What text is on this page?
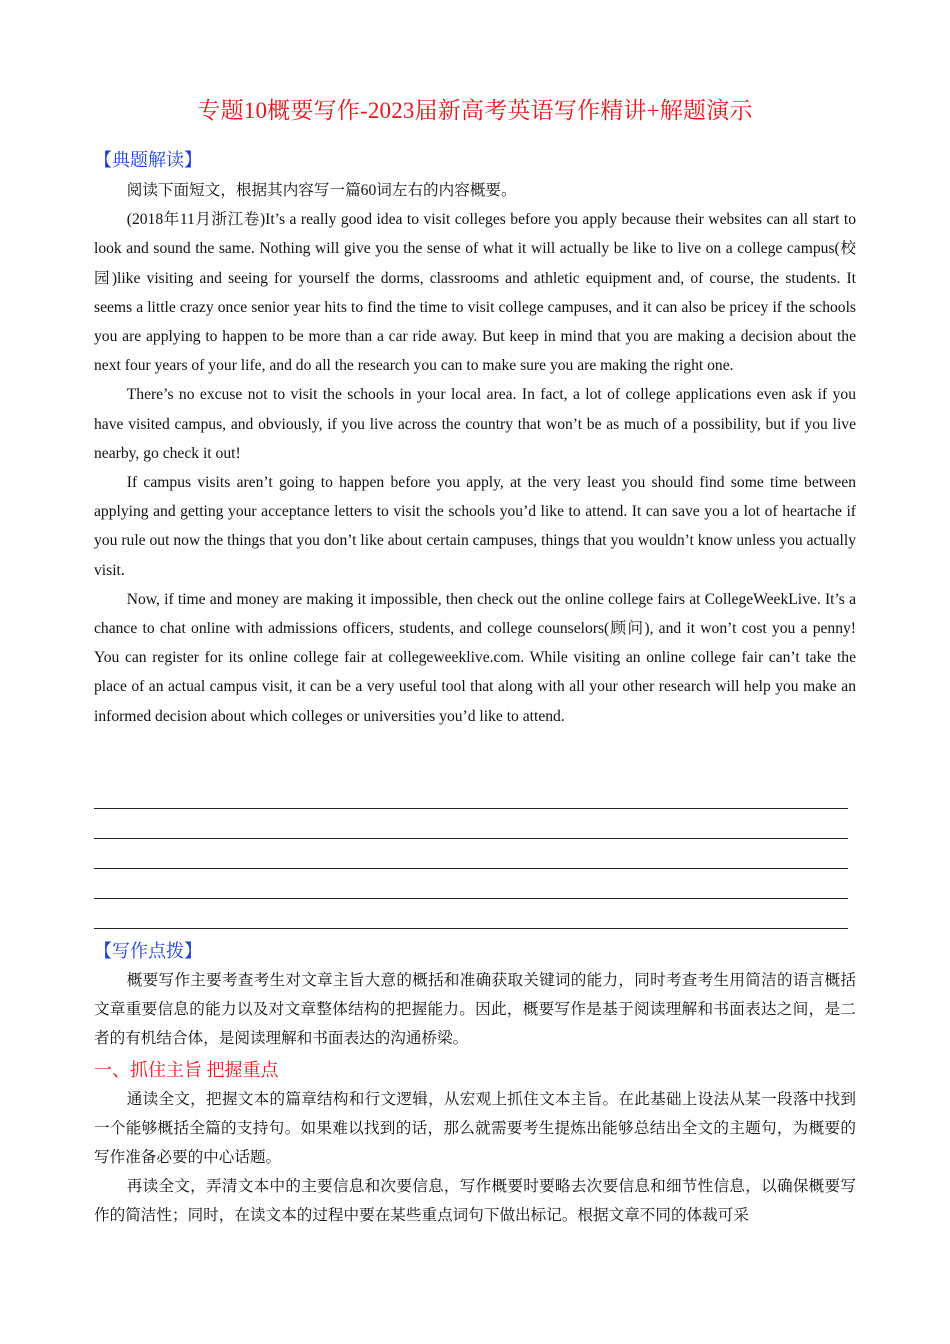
专题10概要写作-2023届新高考英语写作精讲+解题演示
【典题解读】
阅读下面短文，根据其内容写一篇60词左右的内容概要。
(2018年11月浙江卷)It’s a really good idea to visit colleges before you apply because their websites can all start to look and sound the same. Nothing will give you the sense of what it will actually be like to live on a college campus(校园)like visiting and seeing for yourself the dorms, classrooms and athletic equipment and, of course, the students. It seems a little crazy once senior year hits to find the time to visit college campuses, and it can also be pricey if the schools you are applying to happen to be more than a car ride away. But keep in mind that you are making a decision about the next four years of your life, and do all the research you can to make sure you are making the right one.
There’s no excuse not to visit the schools in your local area. In fact, a lot of college applications even ask if you have visited campus, and obviously, if you live across the country that won’t be as much of a possibility, but if you live nearby, go check it out!
If campus visits aren’t going to happen before you apply, at the very least you should find some time between applying and getting your acceptance letters to visit the schools you’d like to attend. It can save you a lot of heartache if you rule out now the things that you don’t like about certain campuses, things that you wouldn’t know unless you actually visit.
Now, if time and money are making it impossible, then check out the online college fairs at CollegeWeekLive. It’s a chance to chat online with admissions officers, students, and college counselors(顾问), and it won’t cost you a penny! You can register for its online college fair at collegeweeklive.com. While visiting an online college fair can’t take the place of an actual campus visit, it can be a very useful tool that along with all your other research will help you make an informed decision about which colleges or universities you’d like to attend.
【写作点拨】
概要写作主要考查考生对文章主旨大意的概括和准确获取关键词的能力，同时考查考生用简洁的语言概括文章重要信息的能力以及对文章整体结构的把握能力。因此，概要写作是基于阅读理解和书面表达之间，是二者的有机结合体，是阅读理解和书面表达的沟通桥梁。
一、抓住主旨 把握重点
通读全文，把握文本的篇章结构和行文逻辑，从宏观上抓住文本主旨。在此基础上设法从某一段落中找到一个能够概括全篇的支持句。如果难以找到的话，那么就需要考生提炼出能够总结出全文的主题句，为概要的写作准备必要的中心话题。
再读全文，弄清文本中的主要信息和次要信息，写作概要时要略去次要信息和细节性信息，以确保概要写作的简洁性；同时，在读文本的过程中要在某些重点词句下做出标记。根据文章不同的体裁可采
